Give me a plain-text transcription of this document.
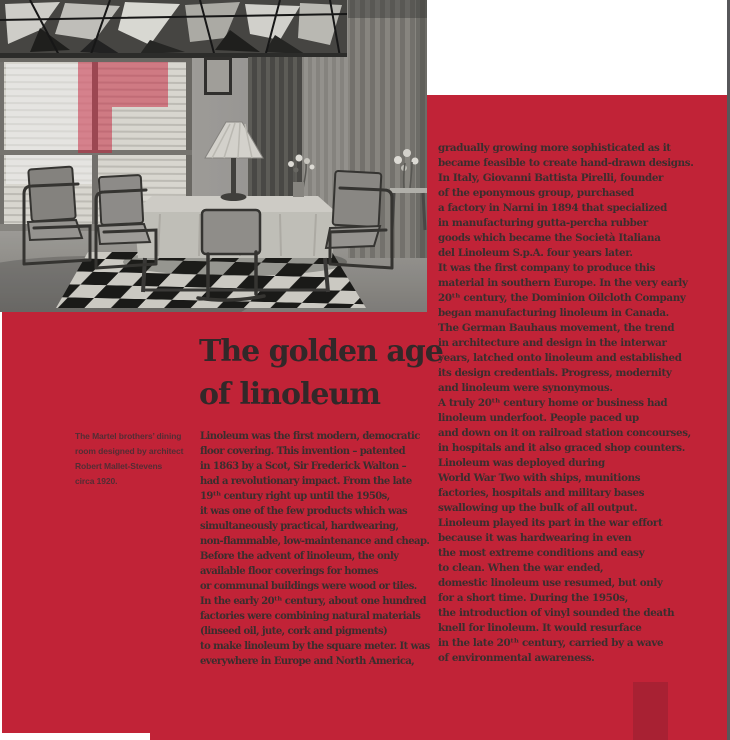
The golden age
of linoleum
The Martel brothers’ dining
room designed by architect
Robert Mallet-Stevens
circa 1920.
Linoleum was the first modern, democratic
floor covering. This invention – patented
in 1863 by a Scot, Sir Frederick Walton –
had a revolutionary impact. From the late
19ᵗʰ century right up until the 1950s,
it was one of the few products which was
simultaneously practical, hardwearing,
non-flammable, low-maintenance and cheap.
Before the advent of linoleum, the only
available floor coverings for homes
or communal buildings were wood or tiles.
In the early 20ᵗʰ century, about one hundred
factories were combining natural materials
(linseed oil, jute, cork and pigments)
to make linoleum by the square meter. It was
everywhere in Europe and North America,
gradually growing more sophisticated as it
became feasible to create hand-drawn designs.
In Italy, Giovanni Battista Pirelli, founder
of the eponymous group, purchased
a factory in Narni in 1894 that specialized
in manufacturing gutta-percha rubber
goods which became the Società Italiana
del Linoleum S.p.A. four years later.
It was the first company to produce this
material in southern Europe. In the very early
20ᵗʰ century, the Dominion Oilcloth Company
began manufacturing linoleum in Canada.
The German Bauhaus movement, the trend
in architecture and design in the interwar
years, latched onto linoleum and established
its design credentials. Progress, modernity
and linoleum were synonymous.
A truly 20ᵗʰ century home or business had
linoleum underfoot. People paced up
and down on it on railroad station concourses,
in hospitals and it also graced shop counters.
Linoleum was deployed during
World War Two with ships, munitions
factories, hospitals and military bases
swallowing up the bulk of all output.
Linoleum played its part in the war effort
because it was hardwearing in even
the most extreme conditions and easy
to clean. When the war ended,
domestic linoleum use resumed, but only
for a short time. During the 1950s,
the introduction of vinyl sounded the death
knell for linoleum. It would resurface
in the late 20ᵗʰ century, carried by a wave
of environmental awareness.
